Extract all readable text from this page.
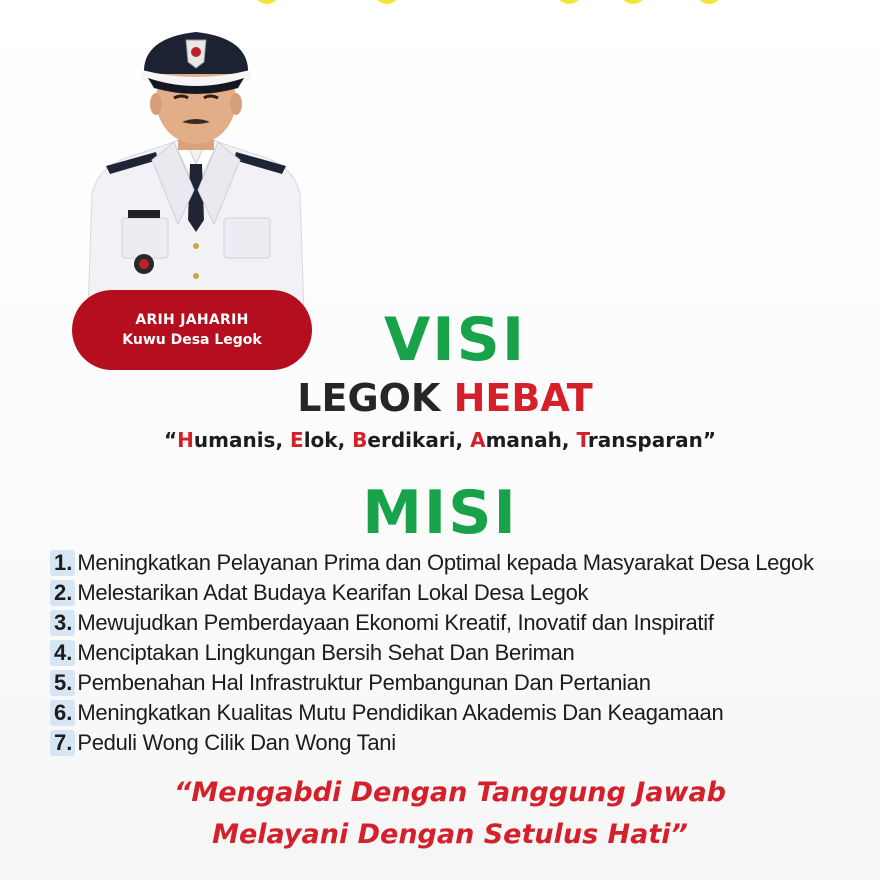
ARIH JAHARIH
Kuwu Desa Legok	VISI
LEGOK HEBAT
“Humanis, Elok, Berdikari, Amanah, Transparan”
MISI
1. Meningkatkan Pelayanan Prima dan Optimal kepada Masyarakat Desa Legok
2. Melestarikan Adat Budaya Kearifan Lokal Desa Legok
3. Mewujudkan Pemberdayaan Ekonomi Kreatif, Inovatif dan Inspiratif
4. Menciptakan Lingkungan Bersih Sehat Dan Beriman
5. Pembenahan Hal Infrastruktur Pembangunan Dan Pertanian
6. Meningkatkan Kualitas Mutu Pendidikan Akademis Dan Keagamaan
7. Peduli Wong Cilik Dan Wong Tani
“Mengabdi Dengan Tanggung Jawab
Melayani Dengan Setulus Hati”
